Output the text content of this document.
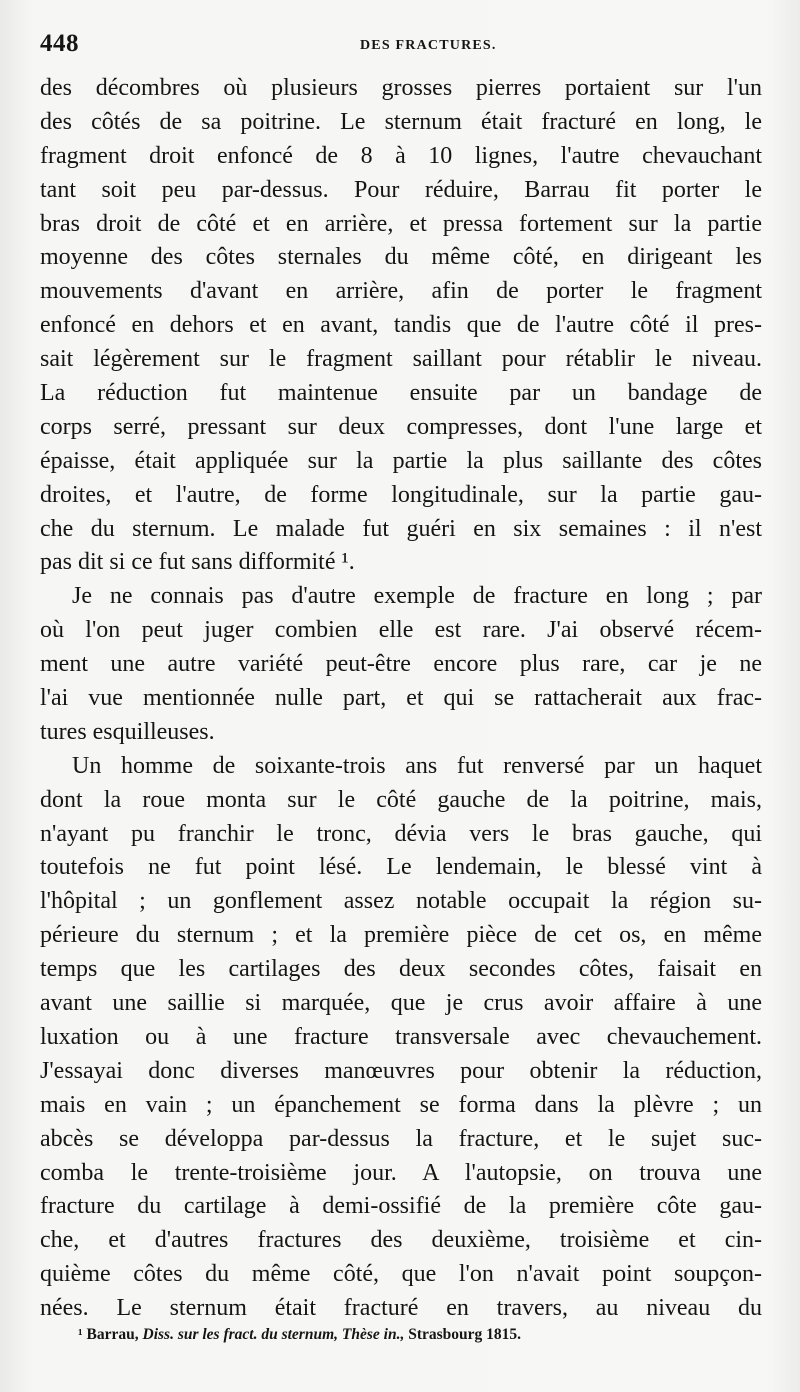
448	DES FRACTURES.
des décombres où plusieurs grosses pierres portaient sur l'un
des côtés de sa poitrine. Le sternum était fracturé en long, le
fragment droit enfoncé de 8 à 10 lignes, l'autre chevauchant
tant soit peu par-dessus. Pour réduire, Barrau fit porter le
bras droit de côté et en arrière, et pressa fortement sur la partie
moyenne des côtes sternales du même côté, en dirigeant les
mouvements d'avant en arrière, afin de porter le fragment
enfoncé en dehors et en avant, tandis que de l'autre côté il pres-
sait légèrement sur le fragment saillant pour rétablir le niveau.
La réduction fut maintenue ensuite par un bandage de
corps serré, pressant sur deux compresses, dont l'une large et
épaisse, était appliquée sur la partie la plus saillante des côtes
droites, et l'autre, de forme longitudinale, sur la partie gau-
che du sternum. Le malade fut guéri en six semaines : il n'est
pas dit si ce fut sans difformité ¹.
Je ne connais pas d'autre exemple de fracture en long ; par
où l'on peut juger combien elle est rare. J'ai observé récem-
ment une autre variété peut-être encore plus rare, car je ne
l'ai vue mentionnée nulle part, et qui se rattacherait aux frac-
tures esquilleuses.
Un homme de soixante-trois ans fut renversé par un haquet
dont la roue monta sur le côté gauche de la poitrine, mais,
n'ayant pu franchir le tronc, dévia vers le bras gauche, qui
toutefois ne fut point lésé. Le lendemain, le blessé vint à
l'hôpital ; un gonflement assez notable occupait la région su-
périeure du sternum ; et la première pièce de cet os, en même
temps que les cartilages des deux secondes côtes, faisait en
avant une saillie si marquée, que je crus avoir affaire à une
luxation ou à une fracture transversale avec chevauchement.
J'essayai donc diverses manœuvres pour obtenir la réduction,
mais en vain ; un épanchement se forma dans la plèvre ; un
abcès se développa par-dessus la fracture, et le sujet suc-
comba le trente-troisième jour. A l'autopsie, on trouva une
fracture du cartilage à demi-ossifié de la première côte gau-
che, et d'autres fractures des deuxième, troisième et cin-
quième côtes du même côté, que l'on n'avait point soupçon-
nées. Le sternum était fracturé en travers, au niveau du
¹ Barrau, Diss. sur les fract. du sternum, Thèse in., Strasbourg 1815.
